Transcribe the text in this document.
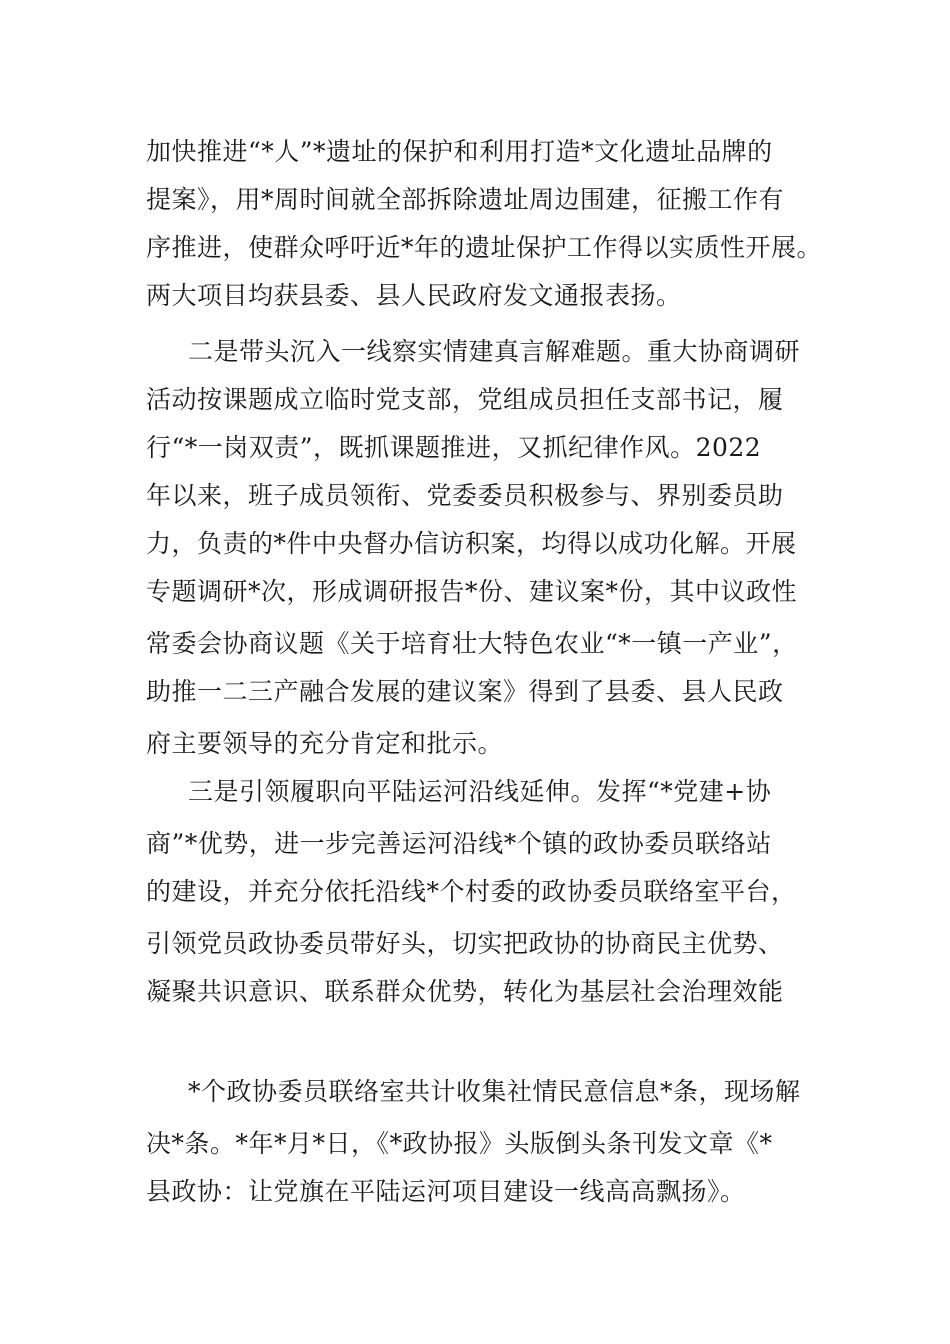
加快推进“*人”*遗址的保护和利用打造*文化遗址品牌的
提案》，用*周时间就全部拆除遗址周边围建，征搬工作有
序推进，使群众呼吁近*年的遗址保护工作得以实质性开展。
两大项目均获县委、县人民政府发文通报表扬。
二是带头沉入一线察实情建真言解难题。重大协商调研
活动按课题成立临时党支部，党组成员担任支部书记，履
行“*一岗双责”，既抓课题推进，又抓纪律作风。2022
年以来，班子成员领衔、党委委员积极参与、界别委员助
力，负责的*件中央督办信访积案，均得以成功化解。开展
专题调研*次，形成调研报告*份、建议案*份，其中议政性
常委会协商议题《关于培育壮大特色农业“*一镇一产业”，
助推一二三产融合发展的建议案》得到了县委、县人民政
府主要领导的充分肯定和批示。
三是引领履职向平陆运河沿线延伸。发挥“*党建+协
商”*优势，进一步完善运河沿线*个镇的政协委员联络站
的建设，并充分依托沿线*个村委的政协委员联络室平台，
引领党员政协委员带好头，切实把政协的协商民主优势、
凝聚共识意识、联系群众优势，转化为基层社会治理效能
*个政协委员联络室共计收集社情民意信息*条，现场解
决*条。*年*月*日，《*政协报》头版倒头条刊发文章《*
县政协：让党旗在平陆运河项目建设一线高高飘扬》。
